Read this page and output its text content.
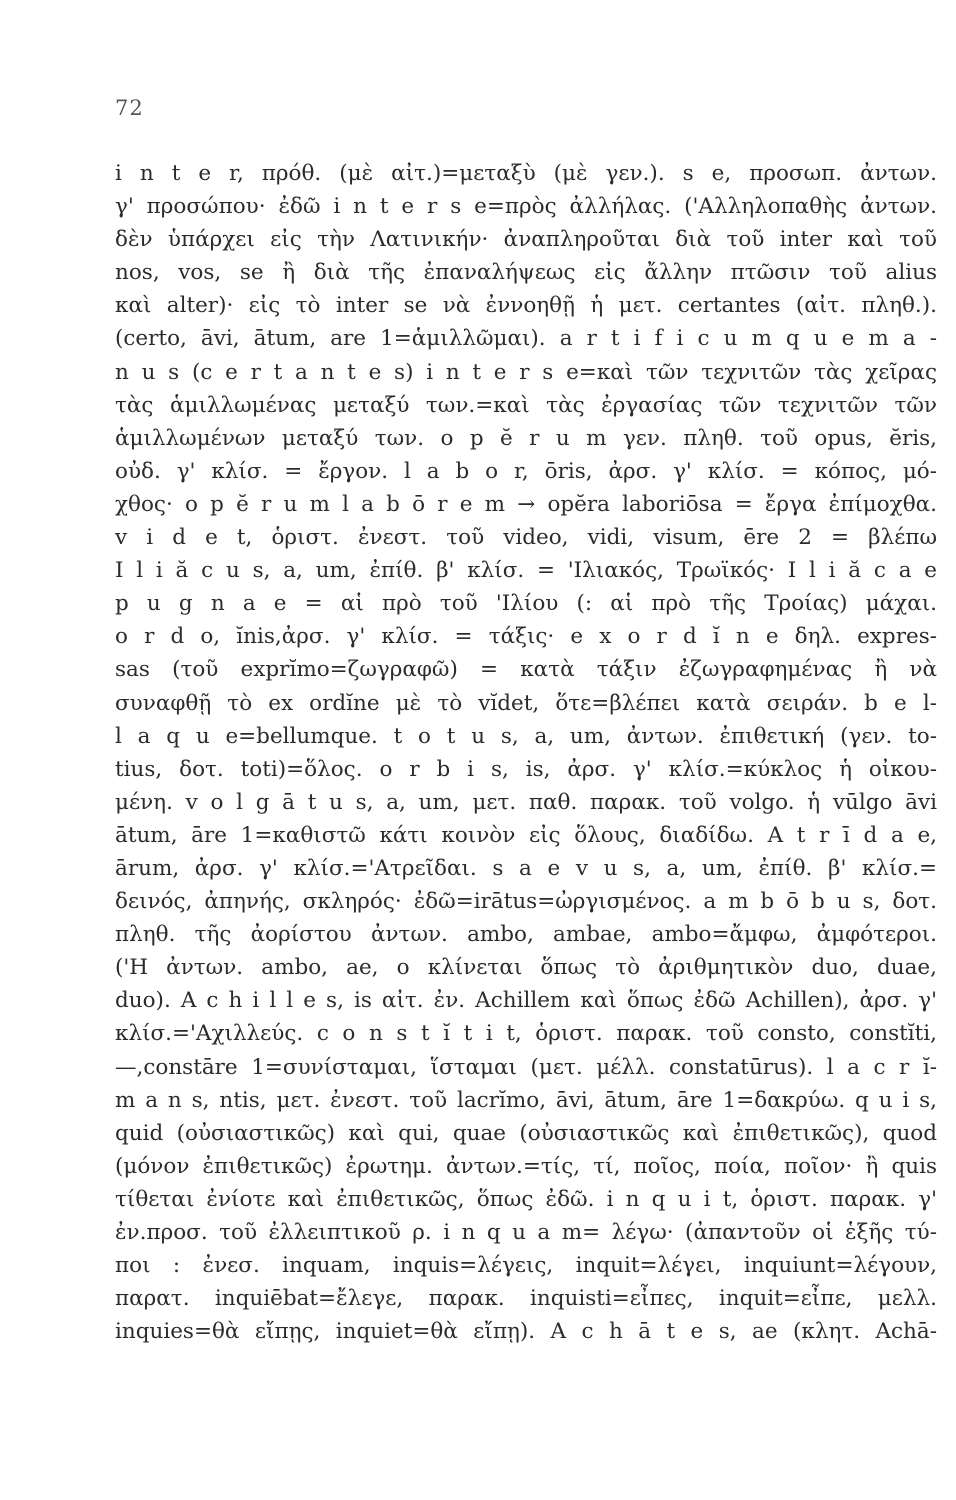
72
i n t e r, πρόθ. (μὲ αἰτ.)=μεταξὺ (μὲ γεν.). s e, προσωπ. ἀντων.
γ' προσώπου· ἐδῶ i n t e r s e=πρὸς ἀλλήλας. ('Αλληλοπαθὴς ἀντων.
δὲν ὑπάρχει εἰς τὴν Λατινικήν· ἀναπληροῦται διὰ τοῦ inter καὶ τοῦ
nos, vos, se ἢ διὰ τῆς ἐπαναλήψεως εἰς ἄλλην πτῶσιν τοῦ alius
καὶ alter)· εἰς τὸ inter se νὰ ἐννοηθῇ ἡ μετ. certantes (αἰτ. πληθ.).
(certo, āvi, ātum, are 1=ἁμιλλῶμαι). a r t i f i c u m q u e m a -
n u s (c e r t a n t e s) i n t e r s e=καὶ τῶν τεχνιτῶν τὰς χεῖρας
τὰς ἁμιλλωμένας μεταξύ των.=καὶ τὰς ἐργασίας τῶν τεχνιτῶν τῶν
ἁμιλλωμένων μεταξύ των. o p ĕ r u m γεν. πληθ. τοῦ opus, ĕris,
οὐδ. γ' κλίσ. = ἔργον. l a b o r, ōris, ἀρσ. γ' κλίσ. = κόπος, μό-
χθος· o p ĕ r u m l a b ō r e m → opĕra laboriōsa = ἔργα ἐπίμοχθα.
v i d e t, ὁριστ. ἐνεστ. τοῦ video, vidi, visum, ēre 2 = βλέπω
I l i ă c u s, a, um, ἐπίθ. β' κλίσ. = 'Ιλιακός, Τρωϊκός· I l i ă c a e
p u g n a e = αἱ πρὸ τοῦ 'Ιλίου (: αἱ πρὸ τῆς Τροίας) μάχαι.
o r d o, ĭnis,ἀρσ. γ' κλίσ. = τάξις· e x o r d ĭ n e δηλ. expres-
sas (τοῦ exprĭmo=ζωγραφῶ) = κατὰ τάξιν ἐζωγραφημένας ἢ νὰ
συναφθῇ τὸ ex ordĭne μὲ τὸ vĭdet, ὅτε=βλέπει κατὰ σειράν. b e l-
l a q u e=bellumque. t o t u s, a, um, ἀντων. ἐπιθετική (γεν. to-
tius, δοτ. toti)=ὅλος. o r b i s, is, ἀρσ. γ' κλίσ.=κύκλος ἡ οἰκου-
μένη. v o l g ā t u s, a, um, μετ. παθ. παρακ. τοῦ volgo. ἡ vūlgo āvi
ātum, āre 1=καθιστῶ κάτι κοινὸν εἰς ὅλους, διαδίδω. A t r ī d a e,
ārum, ἀρσ. γ' κλίσ.='Ατρεῖδαι. s a e v u s, a, um, ἐπίθ. β' κλίσ.=
δεινός, ἀπηνής, σκληρός· ἐδῶ=irātus=ὠργισμένος. a m b ō b u s, δοτ.
πληθ. τῆς ἀορίστου ἀντων. ambo, ambae, ambo=ἄμφω, ἀμφότεροι.
('Η ἀντων. ambo, ae, o κλίνεται ὅπως τὸ ἀριθμητικὸν duo, duae,
duo). A c h i l l e s, is αἰτ. ἐν. Achillem καὶ ὅπως ἐδῶ Achillen), ἀρσ. γ'
κλίσ.='Αχιλλεύς. c o n s t ĭ t i t, ὁριστ. παρακ. τοῦ consto, constĭti,
—,constāre 1=συνίσταμαι, ἵσταμαι (μετ. μέλλ. constatūrus). l a c r ĭ-
m a n s, ntis, μετ. ἐνεστ. τοῦ lacrĭmo, āvi, ātum, āre 1=δακρύω. q u i s,
quid (οὐσιαστικῶς) καὶ qui, quae (οὐσιαστικῶς καὶ ἐπιθετικῶς), quod
(μόνον ἐπιθετικῶς) ἐρωτημ. ἀντων.=τίς, τί, ποῖος, ποία, ποῖον· ἢ quis
τίθεται ἐνίοτε καὶ ἐπιθετικῶς, ὅπως ἐδῶ. i n q u i t, ὁριστ. παρακ. γ'
ἐν.προσ. τοῦ ἐλλειπτικοῦ ρ. i n q u a m= λέγω· (ἀπαντοῦν οἱ ἑξῆς τύ-
ποι : ἐνεσ. inquam, inquis=λέγεις, inquit=λέγει, inquiunt=λέγουν,
παρατ. inquiēbat=ἔλεγε, παρακ. inquisti=εἶπες, inquit=εἶπε, μελλ.
inquies=θὰ εἴπῃς, inquiet=θὰ εἴπῃ). A c h ā t e s, ae (κλητ. Achā-
